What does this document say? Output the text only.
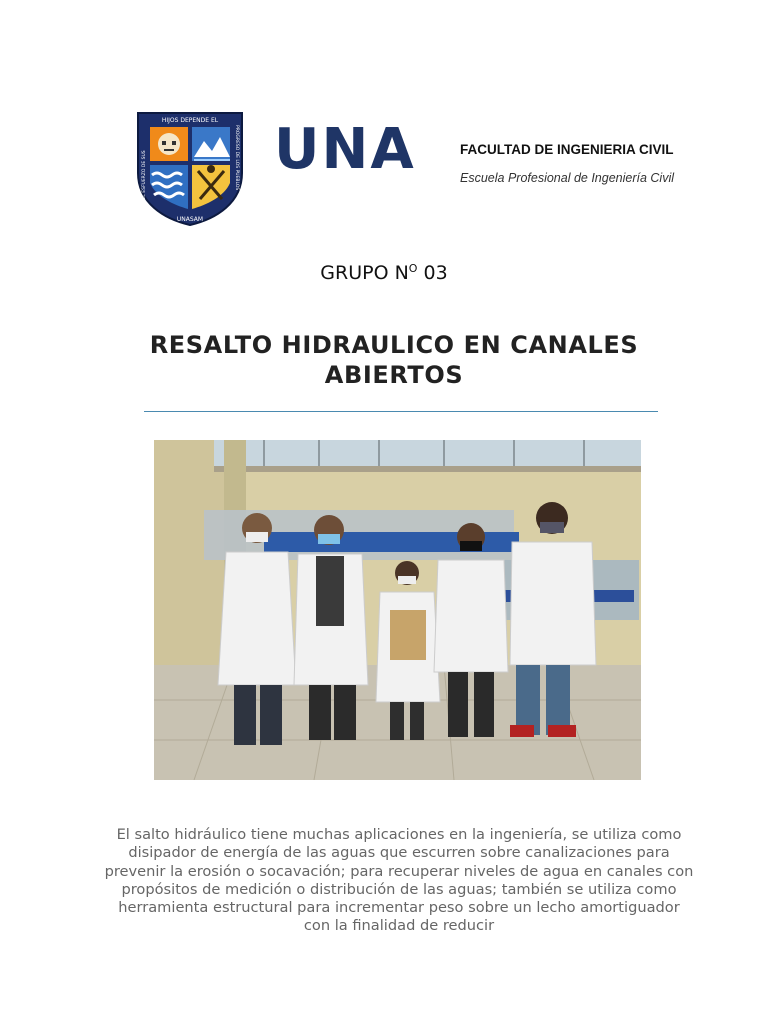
HIJOS DEPENDE EL
UNASAM
DEL ESFUERZO DE SUS	PROGRESO DE LOS PUEBLOS UNA	FACULTAD DE INGENIERIA CIVIL
Escuela Profesional de Ingeniería Civil
GRUPO $N^O$ 03
RESALTO HIDRAULICO EN CANALES ABIERTOS
El salto hidráulico tiene muchas aplicaciones en la ingeniería, se utiliza como disipador de energía de las aguas que escurren sobre canalizaciones para prevenir la erosión o socavación; para recuperar niveles de agua en canales con propósitos de medición o distribución de las aguas; también se utiliza como herramienta estructural para incrementar peso sobre un lecho amortiguador con la finalidad de reducir
